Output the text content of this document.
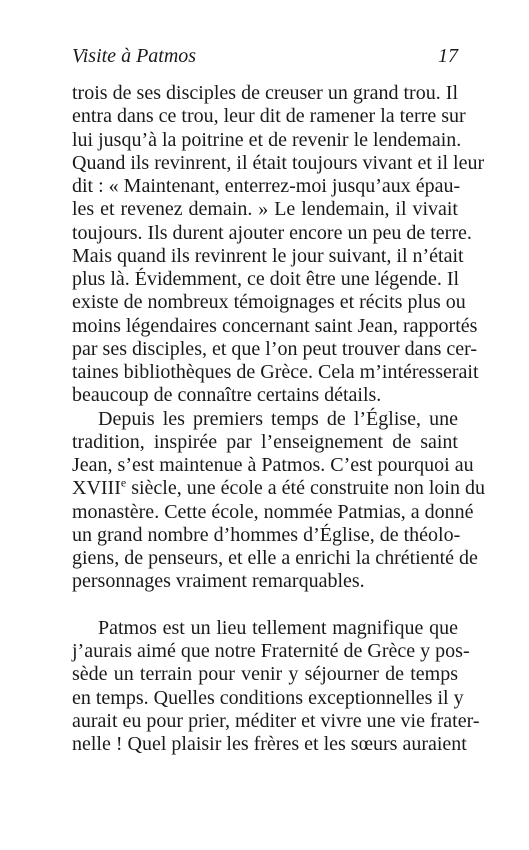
Visite à Patmos	17
trois de ses disciples de creuser un grand trou. Il
entra dans ce trou, leur dit de ramener la terre sur
lui jusqu’à la poitrine et de revenir le lendemain.
Quand ils revinrent, il était toujours vivant et il leur
dit : « Maintenant, enterrez-moi jusqu’aux épau-
les et revenez demain. » Le lendemain, il vivait
toujours. Ils durent ajouter encore un peu de terre.
Mais quand ils revinrent le jour suivant, il n’était
plus là. Évidemment, ce doit être une légende. Il
existe de nombreux témoignages et récits plus ou
moins légendaires concernant saint Jean, rapportés
par ses disciples, et que l’on peut trouver dans cer-
taines bibliothèques de Grèce. Cela m’intéresserait
beaucoup de connaître certains détails.
Depuis les premiers temps de l’Église, une
tradition, inspirée par l’enseignement de saint
Jean, s’est maintenue à Patmos. C’est pourquoi au
XVIIIe siècle, une école a été construite non loin du
monastère. Cette école, nommée Patmias, a donné
un grand nombre d’hommes d’Église, de théolo-
giens, de penseurs, et elle a enrichi la chrétienté de
personnages vraiment remarquables.
Patmos est un lieu tellement magnifique que
j’aurais aimé que notre Fraternité de Grèce y pos-
sède un terrain pour venir y séjourner de temps
en temps. Quelles conditions exceptionnelles il y
aurait eu pour prier, méditer et vivre une vie frater-
nelle ! Quel plaisir les frères et les sœurs auraient
